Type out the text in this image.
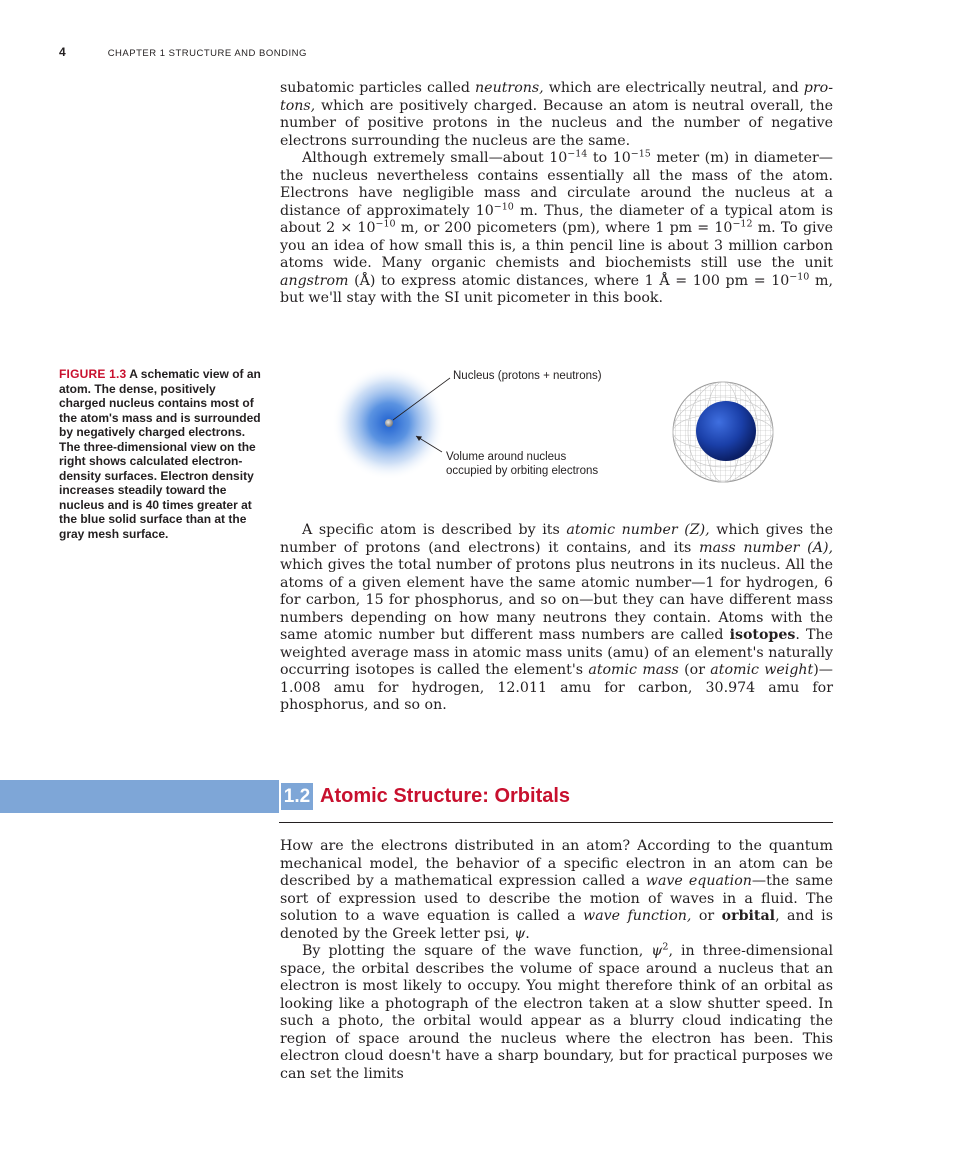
4	CHAPTER 1 STRUCTURE AND BONDING

subatomic particles called neutrons, which are electrically neutral, and pro-tons, which are positively charged. Because an atom is neutral overall, the number of positive protons in the nucleus and the number of negative electrons surrounding the nucleus are the same.

Although extremely small—about $10^{-14}$ to $10^{-15}$ meter (m) in diameter—the nucleus nevertheless contains essentially all the mass of the atom. Electrons have negligible mass and circulate around the nucleus at a distance of approximately $10^{-10}$ m. Thus, the diameter of a typical atom is about $2 \times 10^{-10}$ m, or 200 picometers (pm), where 1 pm = $10^{-12}$ m. To give you an idea of how small this is, a thin pencil line is about 3 million carbon atoms wide. Many organic chemists and biochemists still use the unit angstrom (Å) to express atomic distances, where 1 Å = 100 pm = $10^{-10}$ m, but we'll stay with the SI unit picometer in this book.

FIGURE 1.3 A schematic view of an atom. The dense, positively charged nucleus contains most of the atom's mass and is surrounded by negatively charged electrons. The three-dimensional view on the right shows calculated electron-density surfaces. Electron density increases steadily toward the nucleus and is 40 times greater at the blue solid surface than at the gray mesh surface.
Nucleus (protons + neutrons)
Volume around nucleus
occupied by orbiting electrons

A specific atom is described by its atomic number (Z), which gives the number of protons (and electrons) it contains, and its mass number (A), which gives the total number of protons plus neutrons in its nucleus. All the atoms of a given element have the same atomic number—1 for hydrogen, 6 for carbon, 15 for phosphorus, and so on—but they can have different mass numbers depending on how many neutrons they contain. Atoms with the same atomic number but different mass numbers are called isotopes. The weighted average mass in atomic mass units (amu) of an element's naturally occurring isotopes is called the element's atomic mass (or atomic weight)—1.008 amu for hydrogen, 12.011 amu for carbon, 30.974 amu for phosphorus, and so on.

1.2 Atomic Structure: Orbitals

How are the electrons distributed in an atom? According to the quantum mechanical model, the behavior of a specific electron in an atom can be described by a mathematical expression called a wave equation—the same sort of expression used to describe the motion of waves in a fluid. The solution to a wave equation is called a wave function, or orbital, and is denoted by the Greek letter psi, ψ.

By plotting the square of the wave function, $\psi^2$, in three-dimensional space, the orbital describes the volume of space around a nucleus that an electron is most likely to occupy. You might therefore think of an orbital as looking like a photograph of the electron taken at a slow shutter speed. In such a photo, the orbital would appear as a blurry cloud indicating the region of space around the nucleus where the electron has been. This electron cloud doesn't have a sharp boundary, but for practical purposes we can set the limits
